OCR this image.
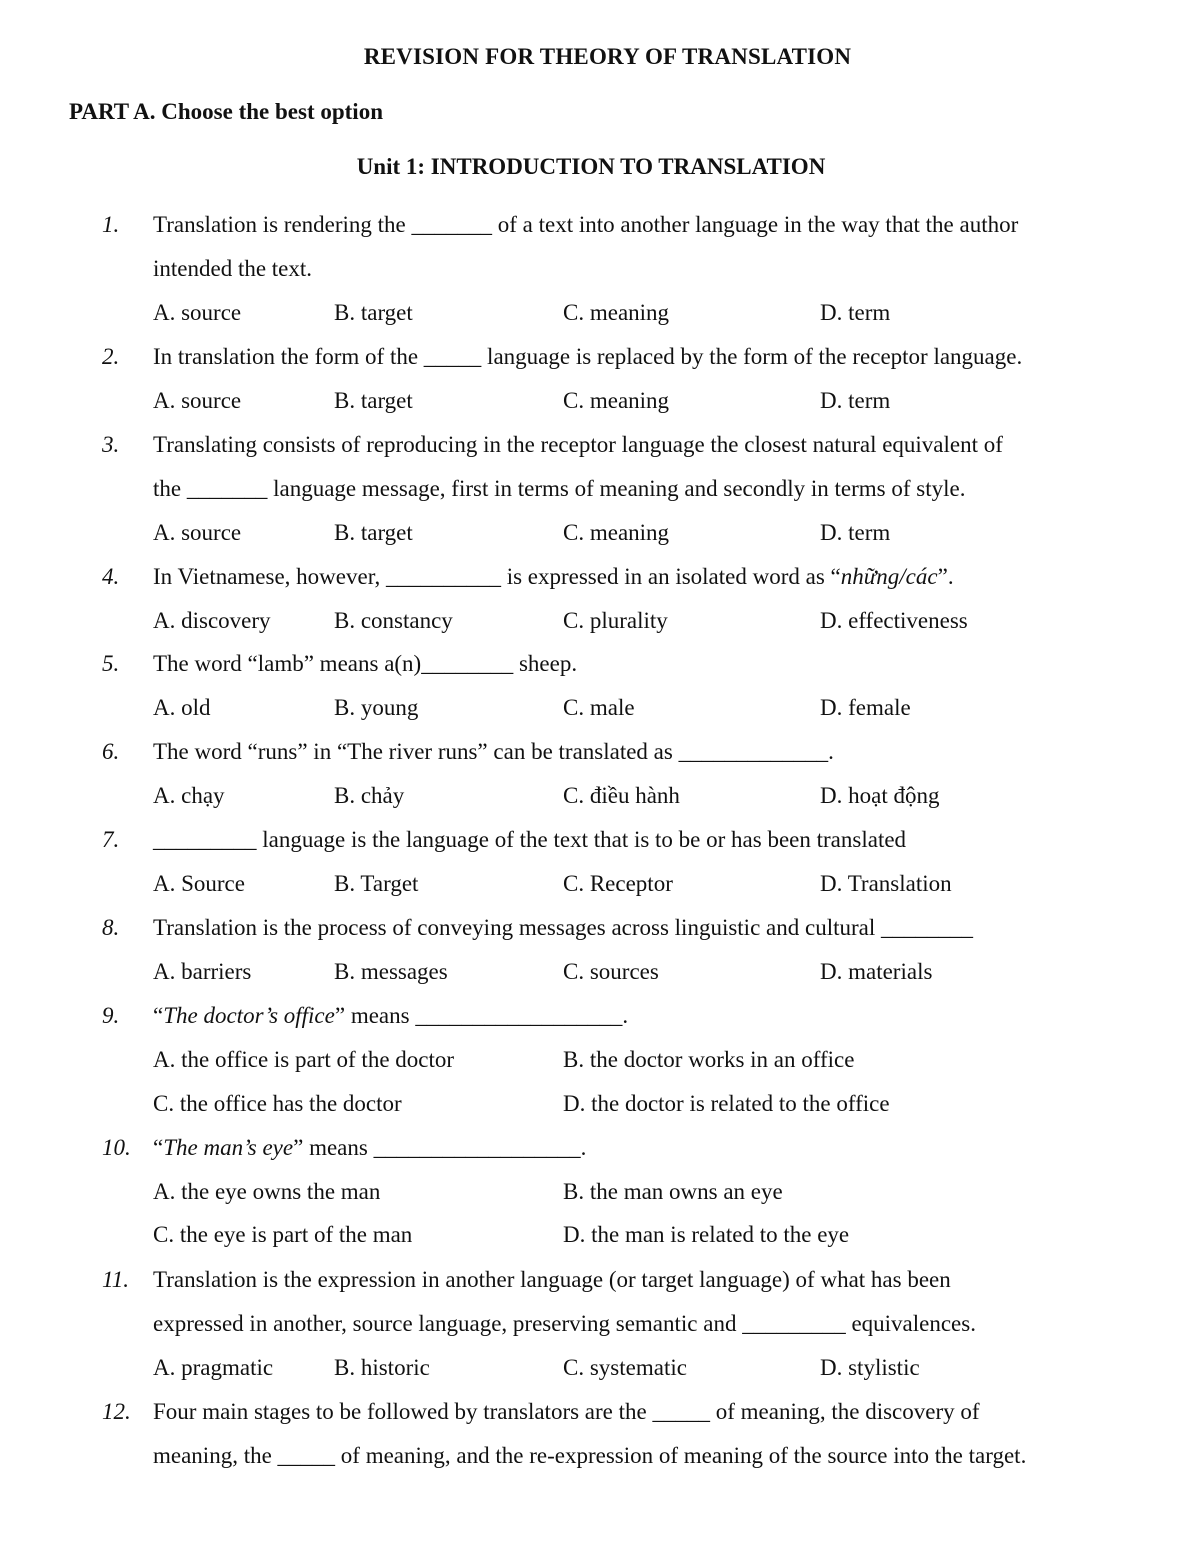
REVISION FOR THEORY OF TRANSLATION
PART A. Choose the best option
Unit 1: INTRODUCTION TO TRANSLATION
1. Translation is rendering the _______ of a text into another language in the way that the author
intended the text.
A. source	B. target	C. meaning	D. term
2. In translation the form of the _____ language is replaced by the form of the receptor language.
A. source	B. target	C. meaning	D. term
3. Translating consists of reproducing in the receptor language the closest natural equivalent of
the _______ language message, first in terms of meaning and secondly in terms of style.
A. source	B. target	C. meaning	D. term
4. In Vietnamese, however, __________ is expressed in an isolated word as “những/các”.
A. discovery	B. constancy	C. plurality	D. effectiveness
5. The word “lamb” means a(n)________ sheep.
A. old	B. young	C. male	D. female
6. The word “runs” in “The river runs” can be translated as _____________.
A. chạy	B. chảy	C. điều hành	D. hoạt động
7. _________ language is the language of the text that is to be or has been translated
A. Source	B. Target	C. Receptor	D. Translation
8. Translation is the process of conveying messages across linguistic and cultural ________
A. barriers	B. messages	C. sources	D. materials
9. “The doctor’s office” means __________________.
A. the office is part of the doctor	B. the doctor works in an office
C. the office has the doctor	D. the doctor is related to the office
10. “The man’s eye” means __________________.
A. the eye owns the man	B. the man owns an eye
C. the eye is part of the man	D. the man is related to the eye
11. Translation is the expression in another language (or target language) of what has been
expressed in another, source language, preserving semantic and _________ equivalences.
A. pragmatic	B. historic	C. systematic	D. stylistic
12. Four main stages to be followed by translators are the _____ of meaning, the discovery of
meaning, the _____ of meaning, and the re-expression of meaning of the source into the target.
